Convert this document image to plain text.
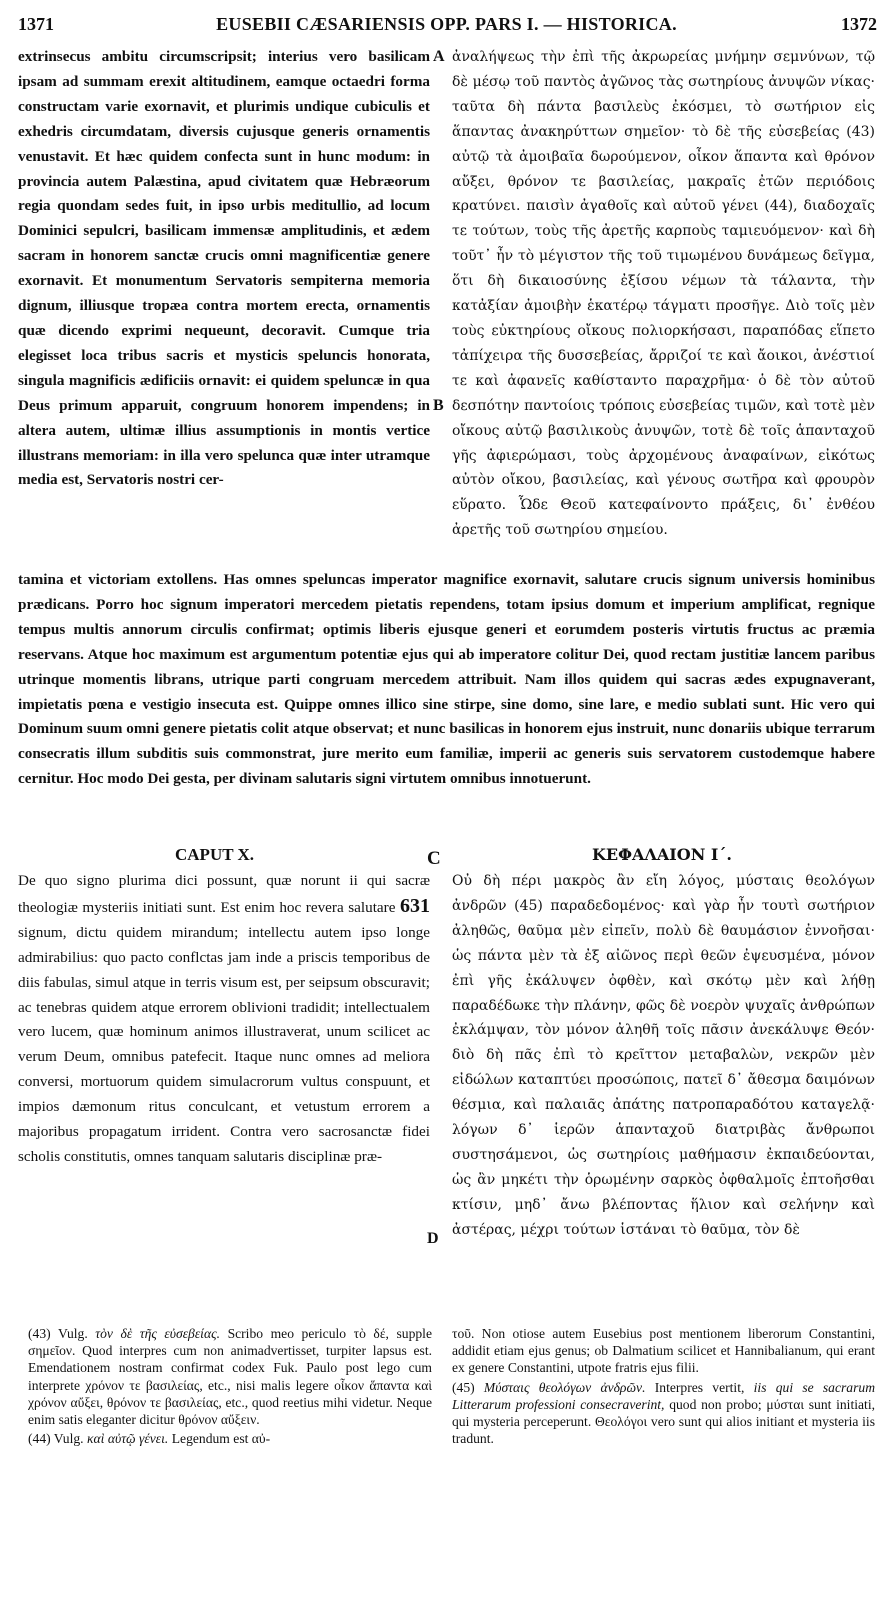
1371	EUSEBII CÆSARIENSIS OPP. PARS I. — HISTORICA.	1372
A
B
C
D

extrinsecus ambitu circumscripsit; interius vero basilicam ipsam ad summam erexit altitudinem, eamque octaedri forma constructam varie exornavit, et plurimis undique cubiculis et exhedris circumdatam, diversis cujusque generis ornamentis venustavit. Et hæc quidem confecta sunt in hunc modum: in provincia autem Palæstina, apud civitatem quæ Hebræorum regia quondam sedes fuit, in ipso urbis meditullio, ad locum Dominici sepulcri, basilicam immensæ amplitudinis, et ædem sacram in honorem sanctæ crucis omni magnificentiæ genere exornavit. Et monumentum Servatoris sempiterna memoria dignum, illiusque tropæa contra mortem erecta, ornamentis quæ dicendo exprimi nequeunt, decoravit. Cumque tria elegisset loca tribus sacris et mysticis speluncis honorata, singula magnificis ædificiis ornavit: ei quidem speluncæ in qua Deus primum apparuit, congruum honorem impendens; in altera autem, ultimæ illius assumptionis in montis vertice illustrans memoriam: in illa vero spelunca quæ inter utramque media est, Servatoris nostri cer-

ἀναλήψεως τὴν ἐπὶ τῆς ἀκρωρείας μνήμην σεμνύνων, τῷ δὲ μέσῳ τοῦ παντὸς ἀγῶνος τὰς σωτηρίους ἀνυψῶν νίκας· ταῦτα δὴ πάντα βασιλεὺς ἐκόσμει, τὸ σωτήριον εἰς ἅπαντας ἀνακηρύττων σημεῖον· τὸ δὲ τῆς εὐσεβείας (43) αὐτῷ τὰ ἀμοιβαῖα δωρούμενον, οἶκον ἅπαντα καὶ θρόνον αὔξει, θρόνον τε βασιλείας, μακραῖς ἐτῶν περιόδοις κρατύνει. παισὶν ἀγαθοῖς καὶ αὐτοῦ γένει (44), διαδοχαῖς τε τούτων, τοὺς τῆς ἀρετῆς καρποὺς ταμιευόμενον· καὶ δὴ τοῦτ᾽ ἦν τὸ μέγιστον τῆς τοῦ τιμωμένου δυνάμεως δεῖγμα, ὅτι δὴ δικαιοσύνης ἐξίσου νέμων τὰ τάλαντα, τὴν κατἀξίαν ἀμοιβὴν ἑκατέρῳ τάγματι προσῆγε. Διὸ τοῖς μὲν τοὺς εὐκτηρίους οἴκους πολιορκήσασι, παραπόδας εἵπετο τἀπίχειρα τῆς δυσσεβείας, ἄρριζοί τε καὶ ἄοικοι, ἀνέστιοί τε καὶ ἀφανεῖς καθίσταντο παραχρῆμα· ὁ δὲ τὸν αὐτοῦ δεσπότην παντοίοις τρόποις εὐσεβείας τιμῶν, καὶ τοτὲ μὲν οἴκους αὐτῷ βασιλικοὺς ἀνυψῶν, τοτὲ δὲ τοῖς ἁπανταχοῦ γῆς ἀφιερώμασι, τοὺς ἀρχομένους ἀναφαίνων, εἰκότως αὐτὸν οἴκου, βασιλείας, καὶ γένους σωτῆρα καὶ φρουρὸν εὕρατο. Ὧδε Θεοῦ κατεφαίνοντο πράξεις, δι᾽ ἐνθέου ἀρετῆς τοῦ σωτηρίου σημείου.

tamina et victoriam extollens. Has omnes speluncas imperator magnifice exornavit, salutare crucis signum universis hominibus prædicans. Porro hoc signum imperatori mercedem pietatis rependens, totam ipsius domum et imperium amplificat, regnique tempus multis annorum circulis confirmat; optimis liberis ejusque generi et eorumdem posteris virtutis fructus ac præmia reservans. Atque hoc maximum est argumentum potentiæ ejus qui ab imperatore colitur Dei, quod rectam justitiæ lancem paribus utrinque momentis librans, utrique parti congruam mercedem attribuit. Nam illos quidem qui sacras ædes expugnaverant, impietatis pœna e vestigio insecuta est. Quippe omnes illico sine stirpe, sine domo, sine lare, e medio sublati sunt. Hic vero qui Dominum suum omni genere pietatis colit atque observat; et nunc basilicas in honorem ejus instruit, nunc donariis ubique terrarum consecratis illum subditis suis commonstrat, jure merito eum familiæ, imperii ac generis suis servatorem custodemque habere cernitur. Hoc modo Dei gesta, per divinam salutaris signi virtutem omnibus innotuerunt.

CAPUT X.	ΚΕΦΑΛΑΙΟΝ Ι΄.

De quo signo plurima dici possunt, quæ norunt ii qui sacræ theologiæ mysteriis initiati sunt. Est enim hoc revera salutare 631 signum, dictu quidem mirandum; intellectu autem ipso longe admirabilius: quo pacto conflctas jam inde a priscis temporibus de diis fabulas, simul atque in terris visum est, per seipsum obscuravit; ac tenebras quidem atque errorem oblivioni tradidit; intellectualem vero lucem, quæ hominum animos illustraverat, unum scilicet ac verum Deum, omnibus patefecit. Itaque nunc omnes ad meliora conversi, mortuorum quidem simulacrorum vultus conspuunt, et impios dæmonum ritus conculcant, et vetustum errorem a majoribus propagatum irrident. Contra vero sacrosanctæ fidei scholis constitutis, omnes tanquam salutaris disciplinæ præ-

Οὐ δὴ πέρι μακρὸς ἂν εἴη λόγος, μύσταις θεολόγων ἀνδρῶν (45) παραδεδομένος· καὶ γὰρ ἦν τουτὶ σωτήριον ἀληθῶς, θαῦμα μὲν εἰπεῖν, πολὺ δὲ θαυμάσιον ἐννοῆσαι· ὡς πάντα μὲν τὰ ἐξ αἰῶνος περὶ θεῶν ἐψευσμένα, μόνον ἐπὶ γῆς ἐκάλυψεν ὀφθὲν, καὶ σκότῳ μὲν καὶ λήθῃ παραδέδωκε τὴν πλάνην, φῶς δὲ νοερὸν ψυχαῖς ἀνθρώπων ἐκλάμψαν, τὸν μόνον ἀληθῆ τοῖς πᾶσιν ἀνεκάλυψε Θεόν· διὸ δὴ πᾶς ἐπὶ τὸ κρεῖττον μεταβαλὼν, νεκρῶν μὲν εἰδώλων καταπτύει προσώποις, πατεῖ δ᾽ ἄθεσμα δαιμόνων θέσμια, καὶ παλαιᾶς ἀπάτης πατροπαραδότου καταγελᾷ· λόγων δ᾽ ἱερῶν ἁπανταχοῦ διατριβὰς ἄνθρωποι συστησάμενοι, ὡς σωτηρίοις μαθήμασιν ἐκπαιδεύονται, ὡς ἂν μηκέτι τὴν ὁρωμένην σαρκὸς ὀφθαλμοῖς ἐπτοῆσθαι κτίσιν, μηδ᾽ ἄνω βλέποντας ἥλιον καὶ σελήνην καὶ ἀστέρας, μέχρι τούτων ἱστάναι τὸ θαῦμα, τὸν δὲ

(43) Vulg. τὸν δὲ τῆς εὐσεβείας. Scribo meo periculo τὸ δέ, supple σημεῖον. Quod interpres cum non animadvertisset, turpiter lapsus est. Emendationem nostram confirmat codex Fuk. Paulo post lego cum interprete χρόνον τε βασιλείας, etc., nisi malis legere οἶκον ἅπαντα καὶ χρόνον αὔξει, θρόνον τε βασιλείας, etc., quod reetius mihi videtur. Neque enim satis eleganter dicitur θρόνον αὔξειν.

(44) Vulg. καὶ αὐτῷ γένει. Legendum est αὐ-

τοῦ. Non otiose autem Eusebius post mentionem liberorum Constantini, addidit etiam ejus genus; ob Dalmatium scilicet et Hannibalianum, qui erant ex genere Constantini, utpote fratris ejus filii.

(45) Μύσταις θεολόγων ἀνδρῶν. Interpres vertit, iis qui se sacrarum Litterarum professioni consecraverint, quod non probo; μύσται sunt initiati, qui mysteria perceperunt. Θεολόγοι vero sunt qui alios initiant et mysteria iis tradunt.
